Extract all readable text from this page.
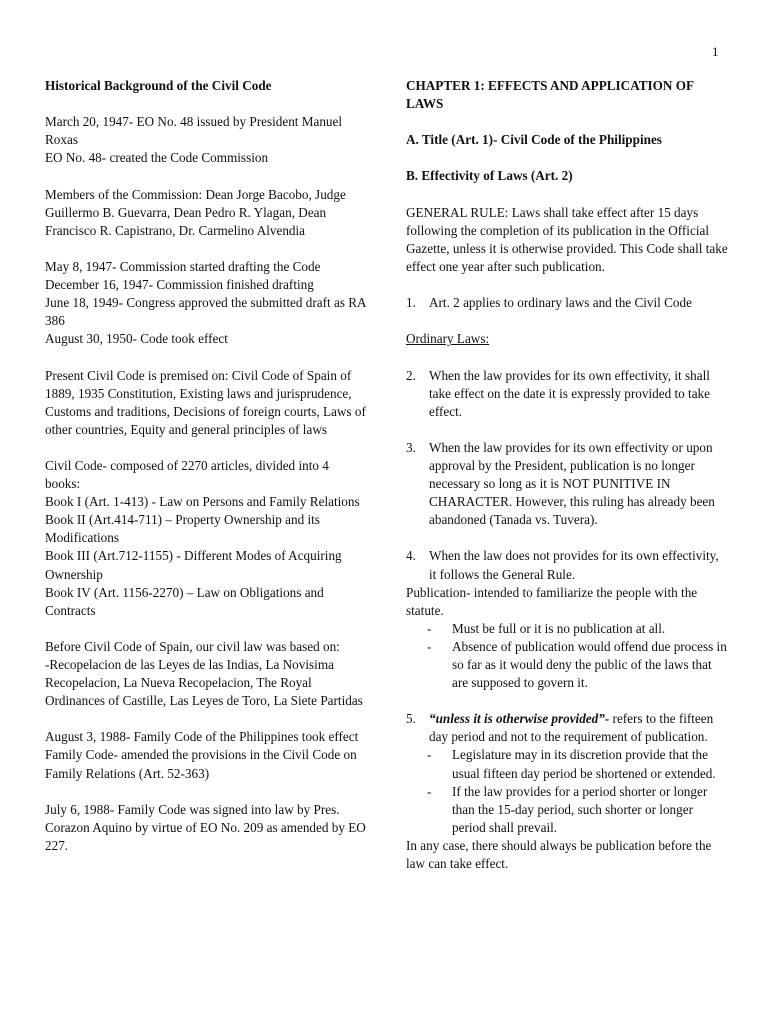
1

Historical Background of the Civil Code

March 20, 1947- EO No. 48 issued by President Manuel Roxas
EO No. 48- created the Code Commission

Members of the Commission: Dean Jorge Bacobo, Judge Guillermo B. Guevarra, Dean Pedro R. Ylagan, Dean Francisco R. Capistrano, Dr. Carmelino Alvendia

May 8, 1947- Commission started drafting the Code
December 16, 1947- Commission finished drafting
June 18, 1949- Congress approved the submitted draft as RA 386
August 30, 1950- Code took effect

Present Civil Code is premised on: Civil Code of Spain of 1889, 1935 Constitution, Existing laws and jurisprudence, Customs and traditions, Decisions of foreign courts, Laws of other countries, Equity and general principles of laws

Civil Code- composed of 2270 articles, divided into 4 books:
Book I (Art. 1-413) - Law on Persons and Family Relations
Book II (Art.414-711) – Property Ownership and its Modifications
Book III (Art.712-1155) - Different Modes of Acquiring Ownership
Book IV (Art. 1156-2270) – Law on Obligations and Contracts

Before Civil Code of Spain, our civil law was based on:
-Recopelacion de las Leyes de las Indias, La Novisima Recopelacion, La Nueva Recopelacion, The Royal Ordinances of Castille, Las Leyes de Toro, La Siete Partidas

August 3, 1988- Family Code of the Philippines took effect
Family Code- amended the provisions in the Civil Code on Family Relations (Art. 52-363)

July 6, 1988- Family Code was signed into law by Pres. Corazon Aquino by virtue of EO No. 209 as amended by EO 227.

CHAPTER 1: EFFECTS AND APPLICATION OF LAWS

A. Title (Art. 1)- Civil Code of the Philippines

B. Effectivity of Laws (Art. 2)

GENERAL RULE: Laws shall take effect after 15 days following the completion of its publication in the Official Gazette, unless it is otherwise provided. This Code shall take effect one year after such publication.

1. Art. 2 applies to ordinary laws and the Civil Code

Ordinary Laws:

2. When the law provides for its own effectivity, it shall take effect on the date it is expressly provided to take effect.
3. When the law provides for its own effectivity or upon approval by the President, publication is no longer necessary so long as it is NOT PUNITIVE IN CHARACTER. However, this ruling has already been abandoned (Tanada vs. Tuvera).
4. When the law does not provides for its own effectivity, it follows the General Rule.
Publication- intended to familiarize the people with the statute.
-	Must be full or it is no publication at all.
-	Absence of publication would offend due process in so far as it would deny the public of the laws that are supposed to govern it.
5. “unless it is otherwise provided”- refers to the fifteen day period and not to the requirement of publication.
-	Legislature may in its discretion provide that the usual fifteen day period be shortened or extended.
-	If the law provides for a period shorter or longer than the 15-day period, such shorter or longer period shall prevail.
In any case, there should always be publication before the law can take effect.
